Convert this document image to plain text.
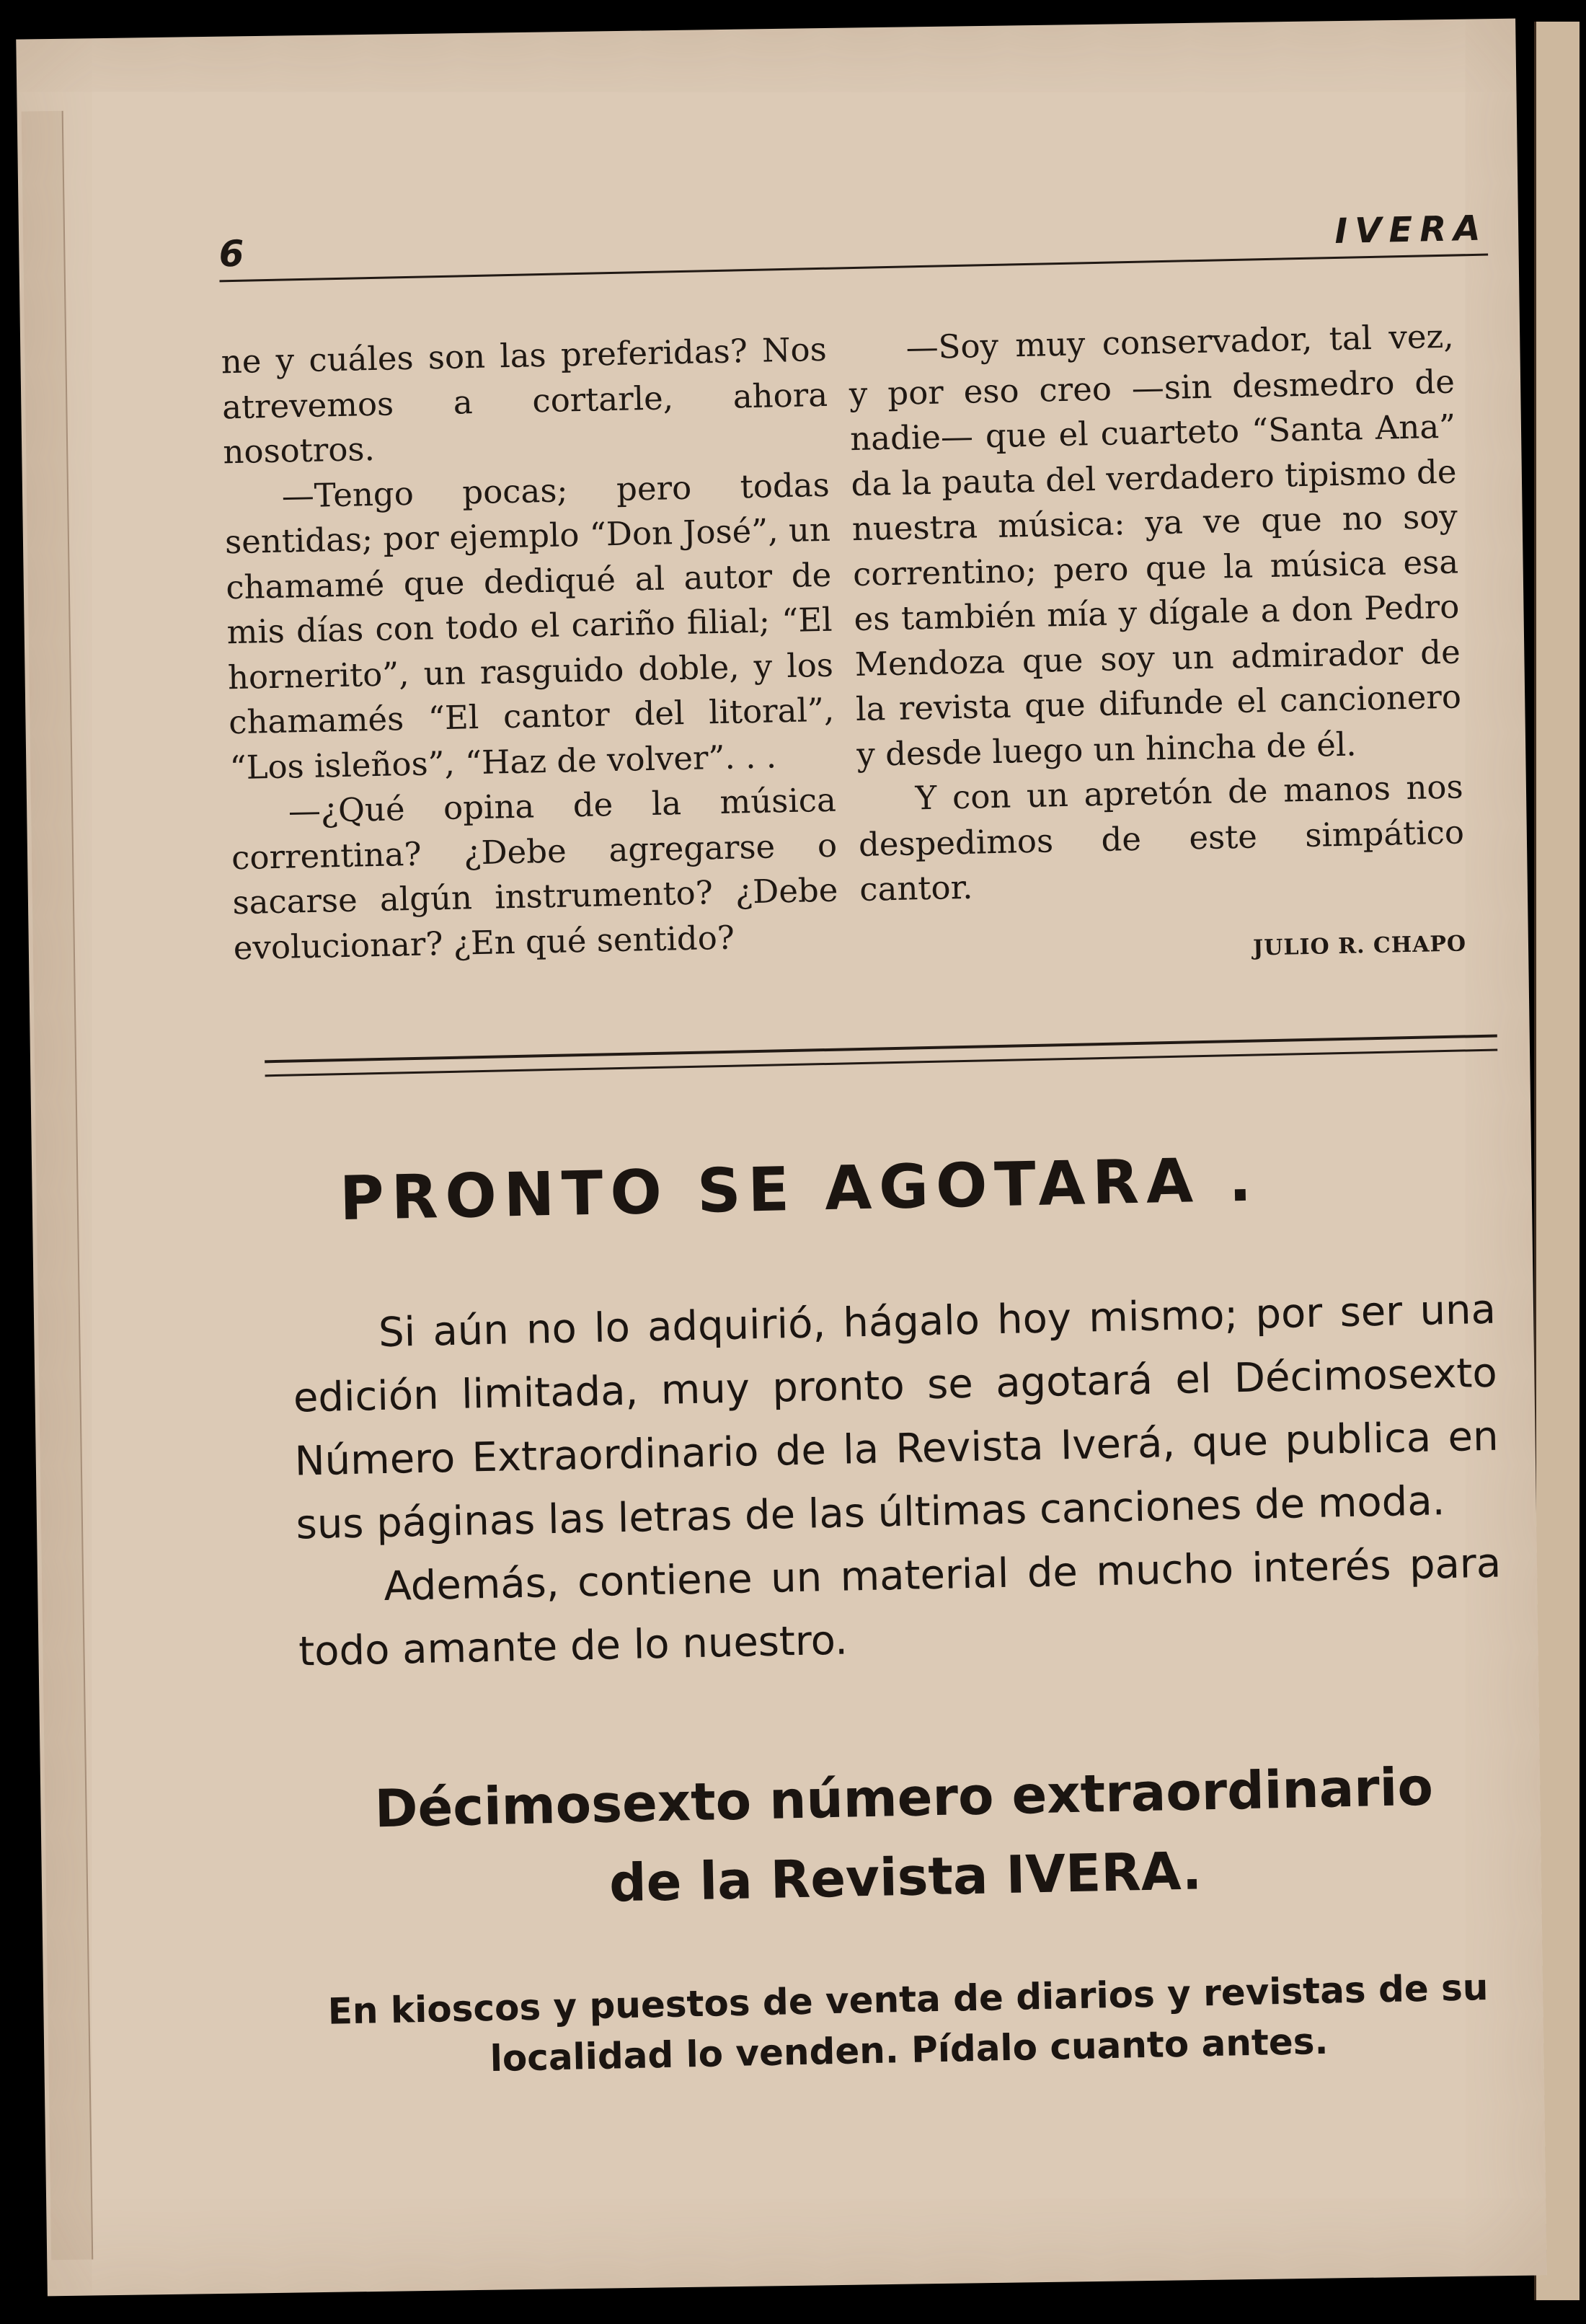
6
IVERA

ne y cuáles son las preferidas? Nos atrevemos a cortarle, ahora nosotros.

—Tengo pocas; pero todas sentidas; por ejemplo “Don José”, un chamamé que dediqué al autor de mis días con todo el cariño filial; “El hornerito”, un rasguido doble, y los chamamés “El cantor del litoral”, “Los isleños”, “Haz de volver”. . .

—¿Qué opina de la música correntina? ¿Debe agregarse o sacarse algún instrumento? ¿Debe evolucionar? ¿En qué sentido?

—Soy muy conservador, tal vez, y por eso creo —sin desmedro de nadie— que el cuarteto “Santa Ana” da la pauta del verdadero tipismo de nuestra música: ya ve que no soy correntino; pero que la música esa es también mía y dígale a don Pedro Mendoza que soy un admirador de la revista que difunde el cancionero y desde luego un hincha de él.

Y con un apretón de manos nos despedimos de este simpático cantor.

JULIO R. CHAPO
PRONTO SE AGOTARA .

Si aún no lo adquirió, hágalo hoy mismo; por ser una edición limitada, muy pronto se agotará el Décimosexto Número Extraordinario de la Revista Iverá, que publica en sus páginas las letras de las últimas canciones de moda.

Además, contiene un material de mucho interés para todo amante de lo nuestro.

Décimosexto número extraordinario
de la Revista IVERA.
En kioscos y puestos de venta de diarios y revistas de su
localidad lo venden. Pídalo cuanto antes.
